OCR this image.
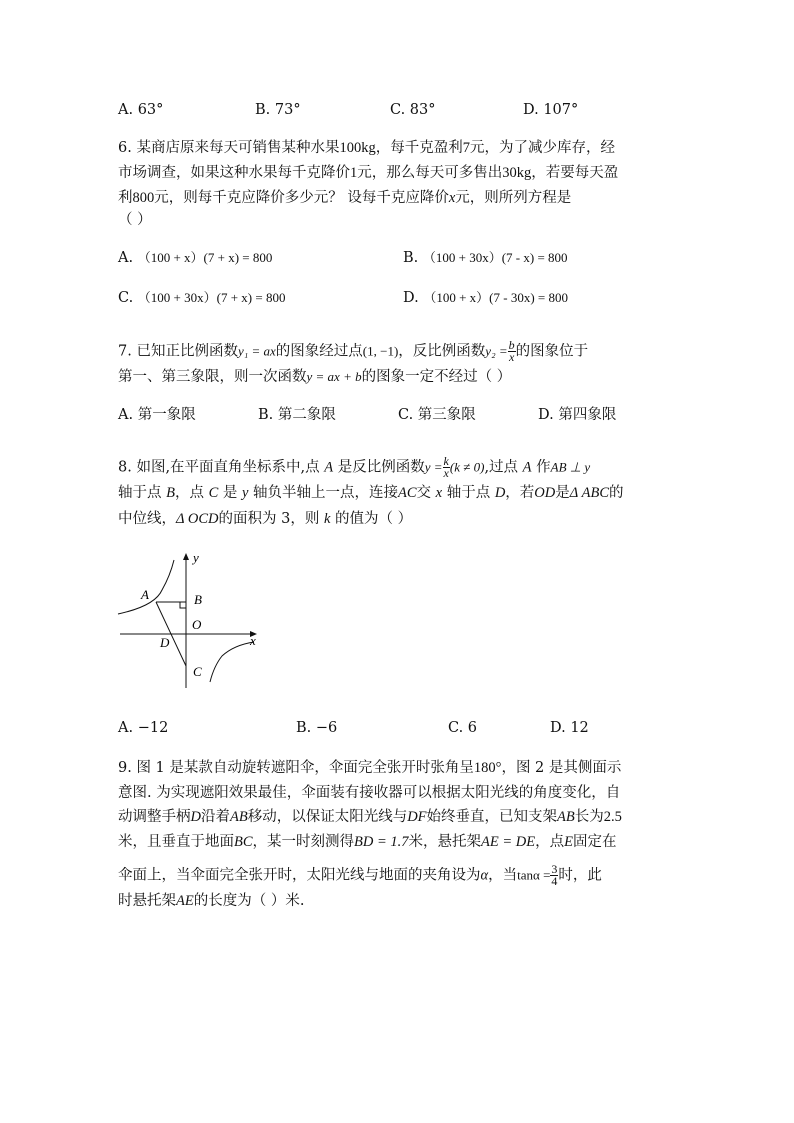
A. 63°	B. 73°	C. 83°	D. 107°
6. 某商店原来每天可销售某种水果100kg，每千克盈利7元，为了减少库存，经
市场调查，如果这种水果每千克降价1元，那么每天可多售出30kg，若要每天盈
利800元，则每千克应降价多少元？ 设每千克应降价x元，则所列方程是
（ ）
A. （100 + x）(7 + x) = 800	B. （100 + 30x）(7 - x) = 800
C. （100 + 30x）(7 + x) = 800	D. （100 + x）(7 - 30x) = 800
7. 已知正比例函数y₁ = ax的图象经过点(1, −1)，反比例函数$y_2 = \frac{b}{x}$ 的图象位于
第一、第三象限，则一次函数y = ax + b的图象一定不经过（ ）
A. 第一象限	B. 第二象限	C. 第三象限	D. 第四象限
8. 如图,在平面直角坐标系中,点 A 是反比例函数$y = \frac{k}{x} (k \ne 0)$,过点 A 作AB ⊥ y
轴于点 B，点 C 是 y 轴负半轴上一点，连接AC交 x 轴于点 D，若OD是Δ ABC的
中位线，Δ OCD的面积为 3，则 k 的值为（ ）
y
x
A	B
O
D
C
A. −12	B. −6	C. 6	D. 12
9. 图 1 是某款自动旋转遮阳伞，伞面完全张开时张角呈180°，图 2 是其侧面示
意图. 为实现遮阳效果最佳，伞面装有接收器可以根据太阳光线的角度变化，自
动调整手柄D沿着AB移动，以保证太阳光线与DF始终垂直，已知支架AB长为2.5
米，且垂直于地面BC，某一时刻测得BD = 1.7米，悬托架AE = DE，点E固定在
伞面上，当伞面完全张开时，太阳光线与地面的夹角设为α，当$\tan\alpha = \frac{3}{4}$ 时，此
时悬托架AE的长度为（ ）米.
